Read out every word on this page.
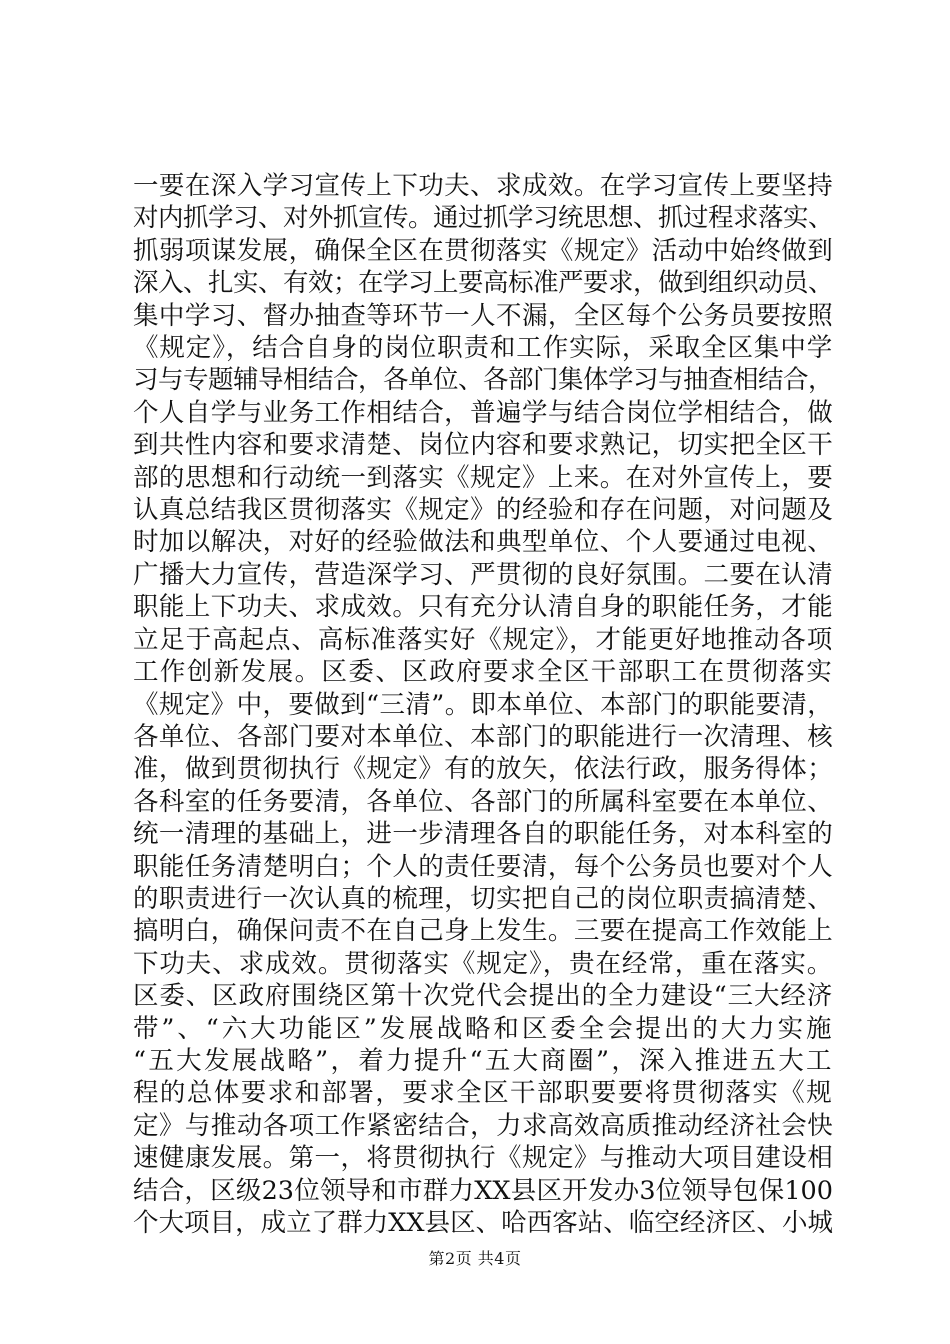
一要在深入学习宣传上下功夫、求成效。在学习宣传上要坚持
对内抓学习、对外抓宣传。通过抓学习统思想、抓过程求落实、
抓弱项谋发展，确保全区在贯彻落实《规定》活动中始终做到
深入、扎实、有效；在学习上要高标准严要求，做到组织动员、
集中学习、督办抽查等环节一人不漏，全区每个公务员要按照
《规定》，结合自身的岗位职责和工作实际，采取全区集中学
习与专题辅导相结合，各单位、各部门集体学习与抽查相结合，
个人自学与业务工作相结合，普遍学与结合岗位学相结合，做
到共性内容和要求清楚、岗位内容和要求熟记，切实把全区干
部的思想和行动统一到落实《规定》上来。在对外宣传上，要
认真总结我区贯彻落实《规定》的经验和存在问题，对问题及
时加以解决，对好的经验做法和典型单位、个人要通过电视、
广播大力宣传，营造深学习、严贯彻的良好氛围。二要在认清
职能上下功夫、求成效。只有充分认清自身的职能任务，才能
立足于高起点、高标准落实好《规定》，才能更好地推动各项
工作创新发展。区委、区政府要求全区干部职工在贯彻落实
《规定》中，要做到“三清”。即本单位、本部门的职能要清，
各单位、各部门要对本单位、本部门的职能进行一次清理、核
准，做到贯彻执行《规定》有的放矢，依法行政，服务得体；
各科室的任务要清，各单位、各部门的所属科室要在本单位、
统一清理的基础上，进一步清理各自的职能任务，对本科室的
职能任务清楚明白；个人的责任要清，每个公务员也要对个人
的职责进行一次认真的梳理，切实把自己的岗位职责搞清楚、
搞明白，确保问责不在自己身上发生。三要在提高工作效能上
下功夫、求成效。贯彻落实《规定》，贵在经常，重在落实。
区委、区政府围绕区第十次党代会提出的全力建设“三大经济
带”、“六大功能区”发展战略和区委全会提出的大力实施
“五大发展战略”，着力提升“五大商圈”，深入推进五大工
程的总体要求和部署，要求全区干部职要要将贯彻落实《规
定》与推动各项工作紧密结合，力求高效高质推动经济社会快
速健康发展。第一，将贯彻执行《规定》与推动大项目建设相
结合，区级23位领导和市群力XX县区开发办3位领导包保100
个大项目，成立了群力XX县区、哈西客站、临空经济区、小城
第2页 共4页
